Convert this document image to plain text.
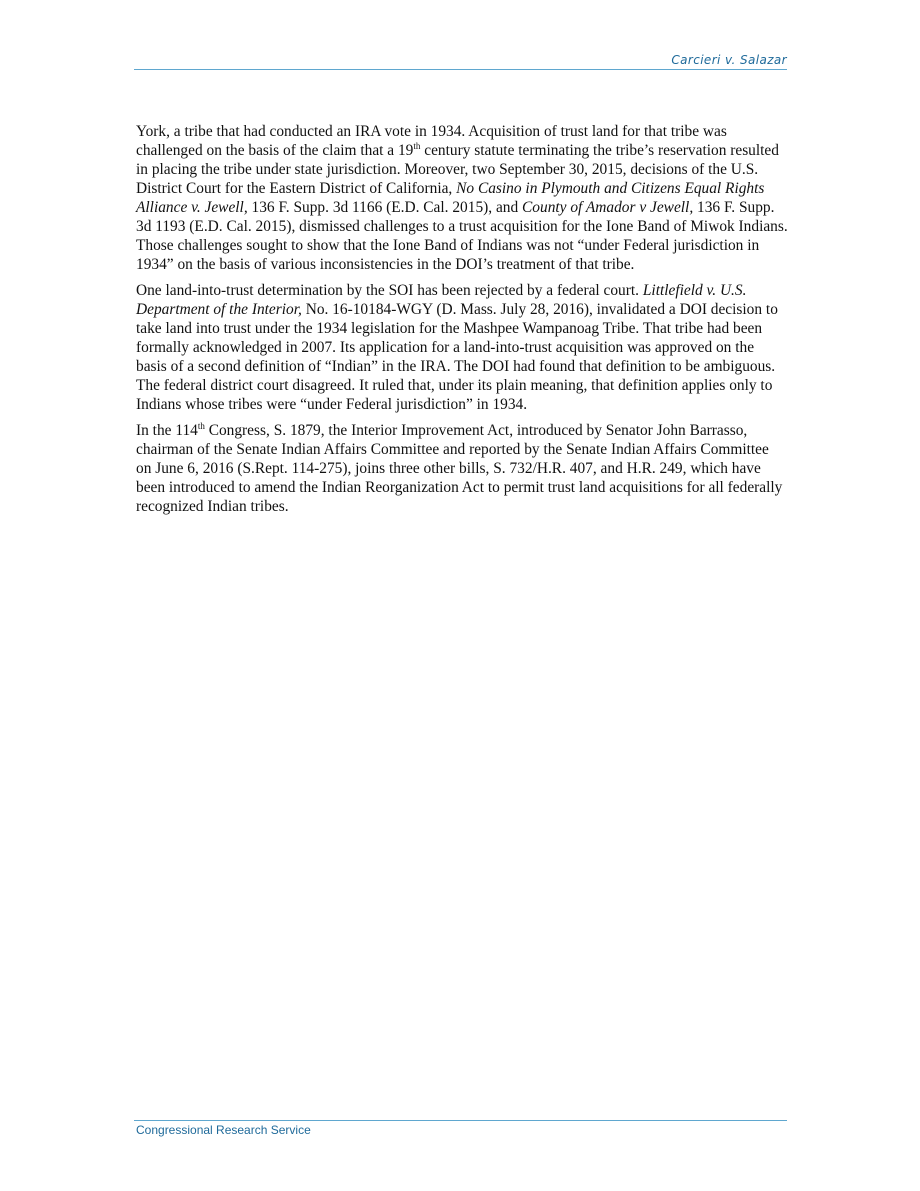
Carcieri v. Salazar

York, a tribe that had conducted an IRA vote in 1934. Acquisition of trust land for that tribe was challenged on the basis of the claim that a 19th century statute terminating the tribe’s reservation resulted in placing the tribe under state jurisdiction. Moreover, two September 30, 2015, decisions of the U.S. District Court for the Eastern District of California, No Casino in Plymouth and Citizens Equal Rights Alliance v. Jewell, 136 F. Supp. 3d 1166 (E.D. Cal. 2015), and County of Amador v Jewell, 136 F. Supp. 3d 1193 (E.D. Cal. 2015), dismissed challenges to a trust acquisition for the Ione Band of Miwok Indians. Those challenges sought to show that the Ione Band of Indians was not “under Federal jurisdiction in 1934” on the basis of various inconsistencies in the DOI’s treatment of that tribe.

One land-into-trust determination by the SOI has been rejected by a federal court. Littlefield v. U.S. Department of the Interior, No. 16-10184-WGY (D. Mass. July 28, 2016), invalidated a DOI decision to take land into trust under the 1934 legislation for the Mashpee Wampanoag Tribe. That tribe had been formally acknowledged in 2007. Its application for a land-into-trust acquisition was approved on the basis of a second definition of “Indian” in the IRA. The DOI had found that definition to be ambiguous. The federal district court disagreed. It ruled that, under its plain meaning, that definition applies only to Indians whose tribes were “under Federal jurisdiction” in 1934.

In the 114th Congress, S. 1879, the Interior Improvement Act, introduced by Senator John Barrasso, chairman of the Senate Indian Affairs Committee and reported by the Senate Indian Affairs Committee on June 6, 2016 (S.Rept. 114-275), joins three other bills, S. 732/H.R. 407, and H.R. 249, which have been introduced to amend the Indian Reorganization Act to permit trust land acquisitions for all federally recognized Indian tribes.

Congressional Research Service
